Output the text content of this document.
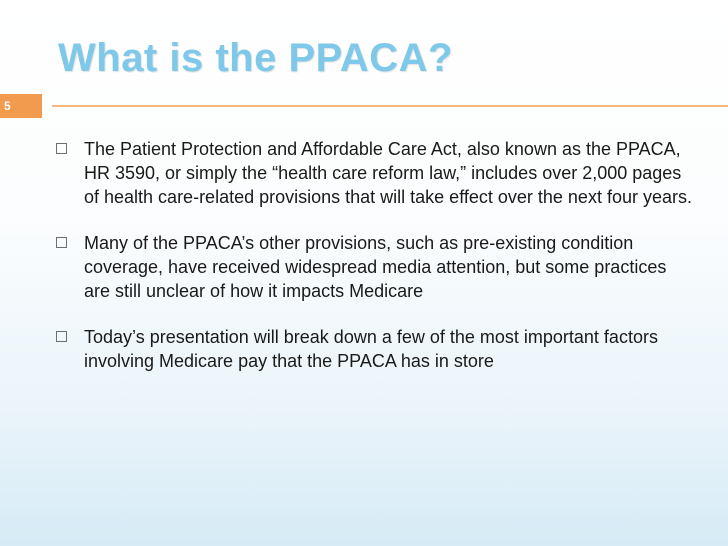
What is the PPACA?
5
The Patient Protection and Affordable Care Act, also known as the PPACA, HR 3590, or simply the “health care reform law,” includes over 2,000 pages of health care-related provisions that will take effect over the next four years.
Many of the PPACA’s other provisions, such as pre-existing condition coverage, have received widespread media attention, but some practices are still unclear of how it impacts Medicare
Today’s presentation will break down a few of the most important factors involving Medicare pay that the PPACA has in store
